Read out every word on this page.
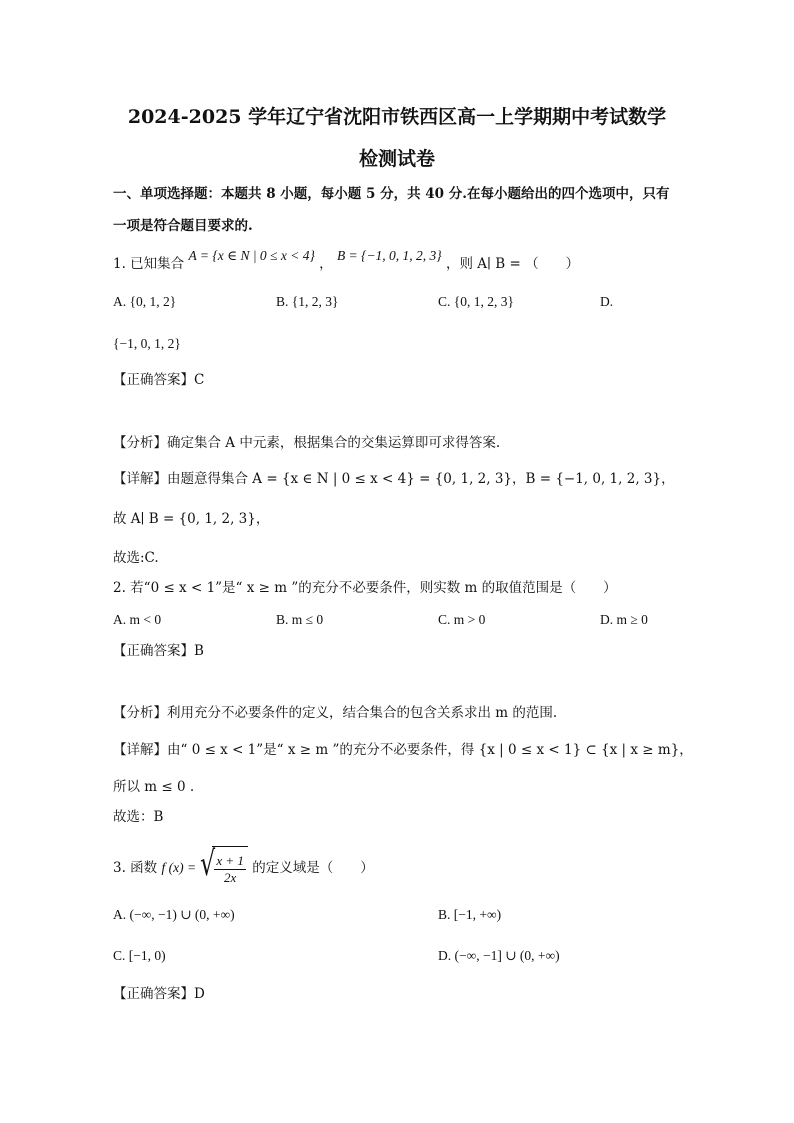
2024-2025 学年辽宁省沈阳市铁西区高一上学期期中考试数学
检测试卷
一、单项选择题：本题共 8 小题，每小题 5 分，共 40 分.在每小题给出的四个选项中，只有
一项是符合题目要求的.
1. 已知集合 A = {x ∈ N | 0 ≤ x < 4} ， B = {−1, 0, 1, 2, 3} ，则 A∣ B = （　　）
A. {0, 1, 2}	B. {1, 2, 3}	C. {0, 1, 2, 3}	D.
{−1, 0, 1, 2}
【正确答案】C
【分析】确定集合 A 中元素，根据集合的交集运算即可求得答案.
【详解】由题意得集合 A = {x ∈ N | 0 ≤ x < 4} = {0, 1, 2, 3}，B = {−1, 0, 1, 2, 3}，
故 A∣ B = {0, 1, 2, 3}，
故选:C.
2. 若“0 ≤ x < 1”是“ x ≥ m ”的充分不必要条件，则实数 m 的取值范围是（　　）
A. m < 0	B. m ≤ 0	C. m > 0	D. m ≥ 0
【正确答案】B
【分析】利用充分不必要条件的定义，结合集合的包含关系求出 m 的范围.
【详解】由“ 0 ≤ x < 1”是“ x ≥ m ”的充分不必要条件，得 {x | 0 ≤ x < 1} ⊂ {x | x ≥ m}，
所以 m ≤ 0 .
故选：B
3. 函数 f (x) = √
$\frac{x + 1}{2x}$ 的定义域是（　　）
A. (−∞, −1) ∪ (0, +∞)	B. [−1, +∞)
C. [−1, 0)	D. (−∞, −1] ∪ (0, +∞)
【正确答案】D
